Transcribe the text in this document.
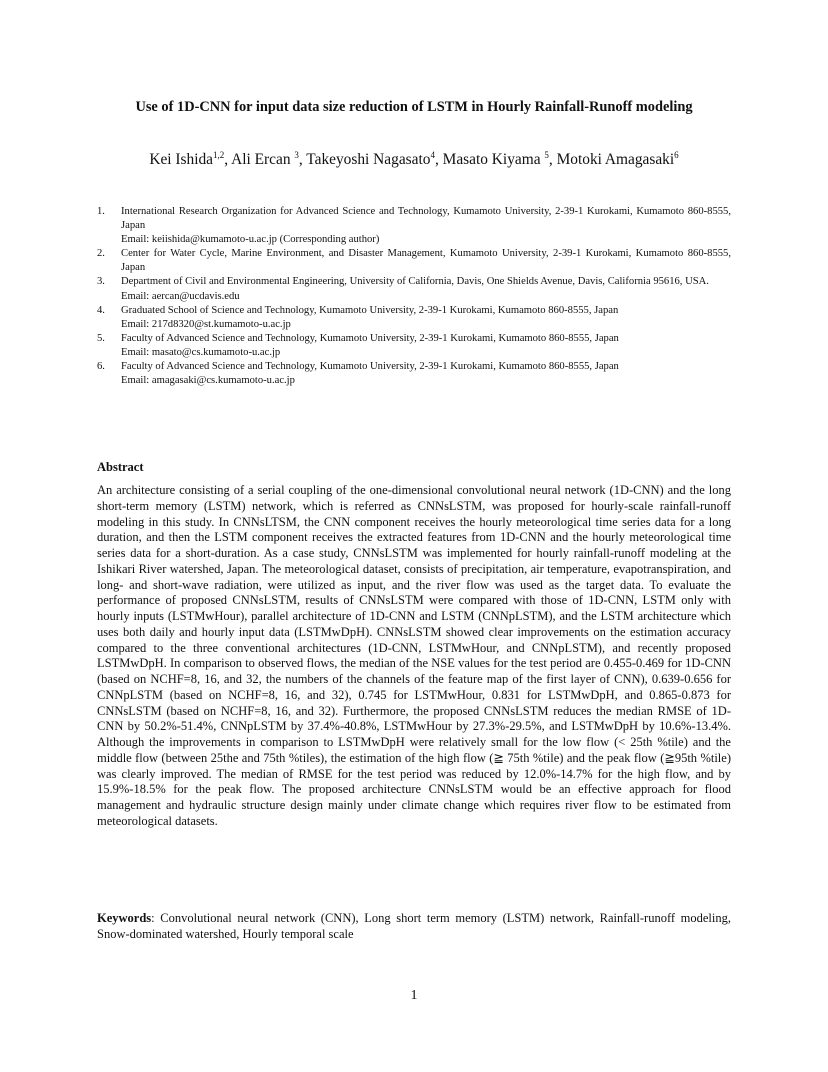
Use of 1D-CNN for input data size reduction of LSTM in Hourly Rainfall-Runoff modeling
Kei Ishida$^{1,2}$, Ali Ercan $^3$, Takeyoshi Nagasato$^4$, Masato Kiyama $^5$, Motoki Amagasaki$^6$
1.	International Research Organization for Advanced Science and Technology, Kumamoto University, 2-39-1 Kurokami, Kumamoto 860-8555, Japan
Email: keiishida@kumamoto-u.ac.jp (Corresponding author)
2.	Center for Water Cycle, Marine Environment, and Disaster Management, Kumamoto University, 2-39-1 Kurokami, Kumamoto 860-8555, Japan
3.	Department of Civil and Environmental Engineering, University of California, Davis, One Shields Avenue, Davis, California 95616, USA.
Email: aercan@ucdavis.edu
4.	Graduated School of Science and Technology, Kumamoto University, 2-39-1 Kurokami, Kumamoto 860-8555, Japan
Email: 217d8320@st.kumamoto-u.ac.jp
5.	Faculty of Advanced Science and Technology, Kumamoto University, 2-39-1 Kurokami, Kumamoto 860-8555, Japan
Email: masato@cs.kumamoto-u.ac.jp
6.	Faculty of Advanced Science and Technology, Kumamoto University, 2-39-1 Kurokami, Kumamoto 860-8555, Japan
Email: amagasaki@cs.kumamoto-u.ac.jp
Abstract

An architecture consisting of a serial coupling of the one-dimensional convolutional neural network (1D-CNN) and the long short-term memory (LSTM) network, which is referred as CNNsLSTM, was proposed for hourly-scale rainfall-runoff modeling in this study. In CNNsLTSM, the CNN component receives the hourly meteorological time series data for a long duration, and then the LSTM component receives the extracted features from 1D-CNN and the hourly meteorological time series data for a short-duration. As a case study, CNNsLSTM was implemented for hourly rainfall-runoff modeling at the Ishikari River watershed, Japan. The meteorological dataset, consists of precipitation, air temperature, evapotranspiration, and long- and short-wave radiation, were utilized as input, and the river flow was used as the target data. To evaluate the performance of proposed CNNsLSTM, results of CNNsLSTM were compared with those of 1D-CNN, LSTM only with hourly inputs (LSTMwHour), parallel architecture of 1D-CNN and LSTM (CNNpLSTM), and the LSTM architecture which uses both daily and hourly input data (LSTMwDpH). CNNsLSTM showed clear improvements on the estimation accuracy compared to the three conventional architectures (1D-CNN, LSTMwHour, and CNNpLSTM), and recently proposed LSTMwDpH. In comparison to observed flows, the median of the NSE values for the test period are 0.455-0.469 for 1D-CNN (based on NCHF=8, 16, and 32, the numbers of the channels of the feature map of the first layer of CNN), 0.639-0.656 for CNNpLSTM (based on NCHF=8, 16, and 32), 0.745 for LSTMwHour, 0.831 for LSTMwDpH, and 0.865-0.873 for CNNsLSTM (based on NCHF=8, 16, and 32). Furthermore, the proposed CNNsLSTM reduces the median RMSE of 1D-CNN by 50.2%-51.4%, CNNpLSTM by 37.4%-40.8%, LSTMwHour by 27.3%-29.5%, and LSTMwDpH by 10.6%-13.4%. Although the improvements in comparison to LSTMwDpH were relatively small for the low flow (< 25th %tile) and the middle flow (between 25the and 75th %tiles), the estimation of the high flow (≧ 75th %tile) and the peak flow (≧95th %tile) was clearly improved. The median of RMSE for the test period was reduced by 12.0%-14.7% for the high flow, and by 15.9%-18.5% for the peak flow. The proposed architecture CNNsLSTM would be an effective approach for flood management and hydraulic structure design mainly under climate change which requires river flow to be estimated from meteorological datasets.

Keywords: Convolutional neural network (CNN), Long short term memory (LSTM) network, Rainfall-runoff modeling, Snow-dominated watershed, Hourly temporal scale

1
